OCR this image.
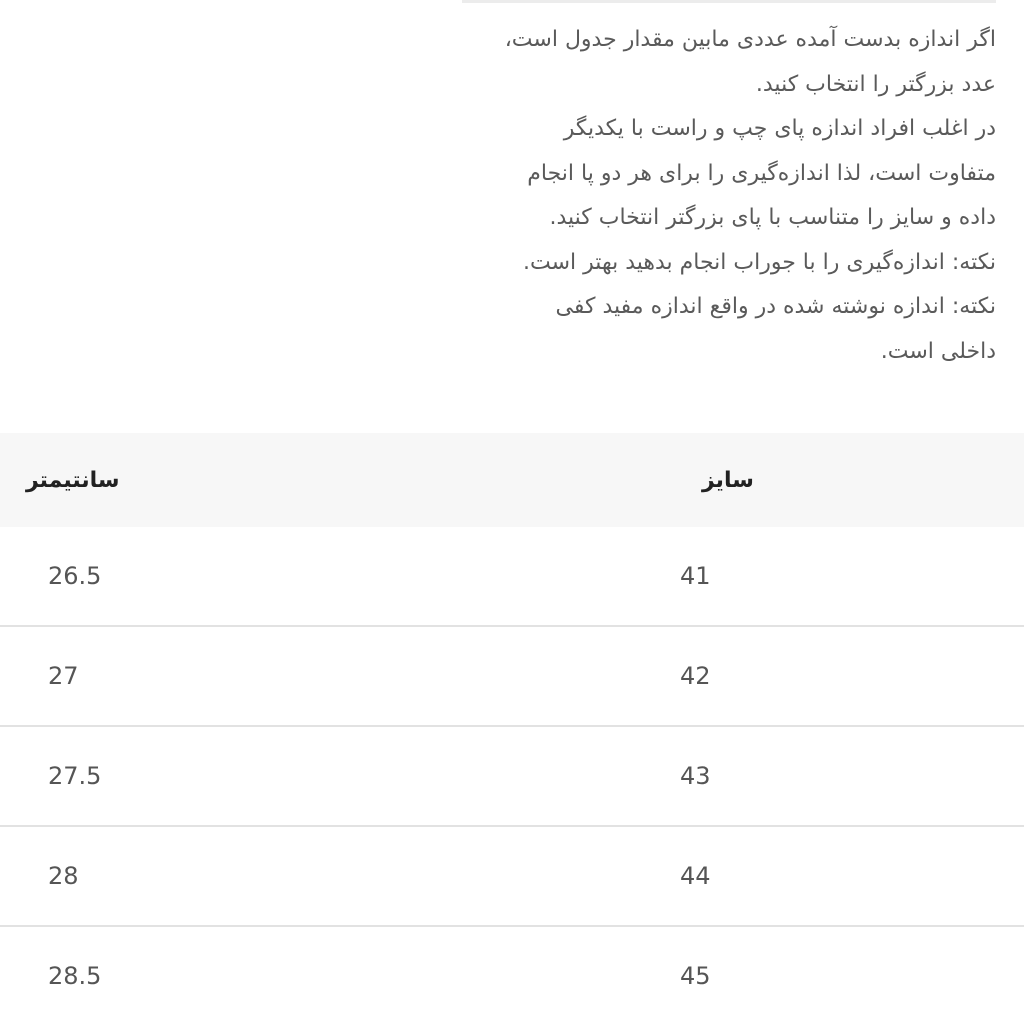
اگر اندازه بدست آمده عددی مابین مقدار جدول است،
عدد بزرگتر را انتخاب کنید.
در اغلب افراد اندازه پای چپ و راست با یکدیگر
متفاوت است، لذا اندازه‌گیری را برای هر دو پا انجام
داده و سایز را متناسب با پای بزرگتر انتخاب کنید.
نکته: اندازه‌گیری را با جوراب انجام بدهید بهتر است.
نکته: اندازه نوشته شده در واقع اندازه مفید کفی
داخلی است.
سایز	سانتیمتر
41	26.5
42	27
43	27.5
44	28
45	28.5
